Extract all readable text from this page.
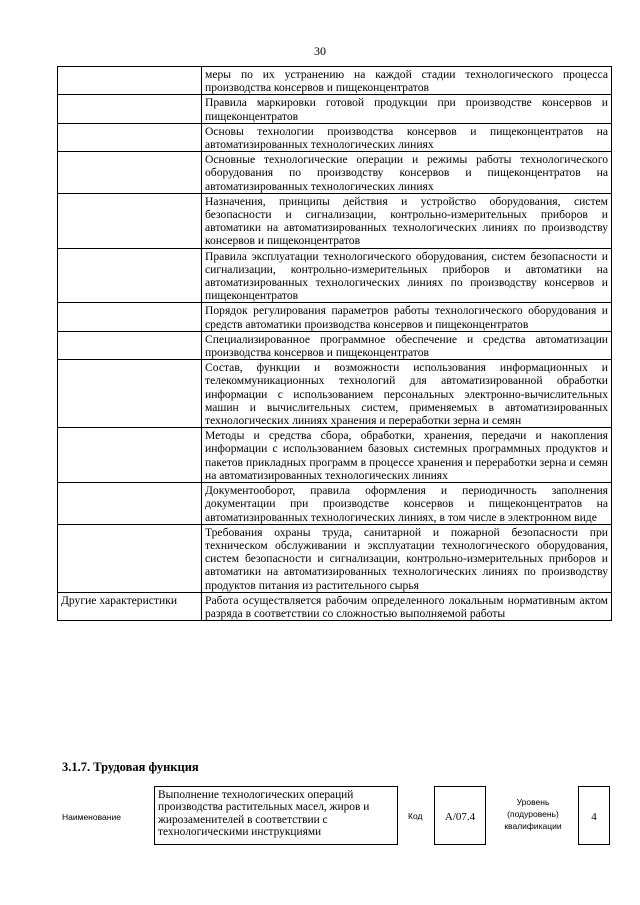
30
	меры по их устранению на каждой стадии технологического процесса производства консервов и пищеконцентратов
	Правила маркировки готовой продукции при производстве консервов и пищеконцентратов
	Основы технологии производства консервов и пищеконцентратов на автоматизированных технологических линиях
	Основные технологические операции и режимы работы технологического оборудования по производству консервов и пищеконцентратов на автоматизированных технологических линиях
	Назначения, принципы действия и устройство оборудования, систем безопасности и сигнализации, контрольно-измерительных приборов и автоматики на автоматизированных технологических линиях по производству консервов и пищеконцентратов
	Правила эксплуатации технологического оборудования, систем безопасности и сигнализации, контрольно-измерительных приборов и автоматики на автоматизированных технологических линиях по производству консервов и пищеконцентратов
	Порядок регулирования параметров работы технологического оборудования и средств автоматики производства консервов и пищеконцентратов
	Специализированное программное обеспечение и средства автоматизации производства консервов и пищеконцентратов
	Состав, функции и возможности использования информационных и телекоммуникационных технологий для автоматизированной обработки информации с использованием персональных электронно-вычислительных машин и вычислительных систем, применяемых в автоматизированных технологических линиях хранения и переработки зерна и семян
	Методы и средства сбора, обработки, хранения, передачи и накопления информации с использованием базовых системных программных продуктов и пакетов прикладных программ в процессе хранения и переработки зерна и семян на автоматизированных технологических линиях
	Документооборот, правила оформления и периодичность заполнения документации при производстве консервов и пищеконцентратов на автоматизированных технологических линиях, в том числе в электронном виде
	Требования охраны труда, санитарной и пожарной безопасности при техническом обслуживании и эксплуатации технологического оборудования, систем безопасности и сигнализации, контрольно-измерительных приборов и автоматики на автоматизированных технологических линиях по производству продуктов питания из растительного сырья
Другие характеристики	Работа осуществляется рабочим определенного локальным нормативным актом разряда в соответствии со сложностью выполняемой работы
3.1.7. Трудовая функция
Наименование
Выполнение технологических операций производства растительных масел, жиров и жирозаменителей в соответствии с технологическими инструкциями
Код	А/07.4
Уровень (подуровень) квалификации
4
